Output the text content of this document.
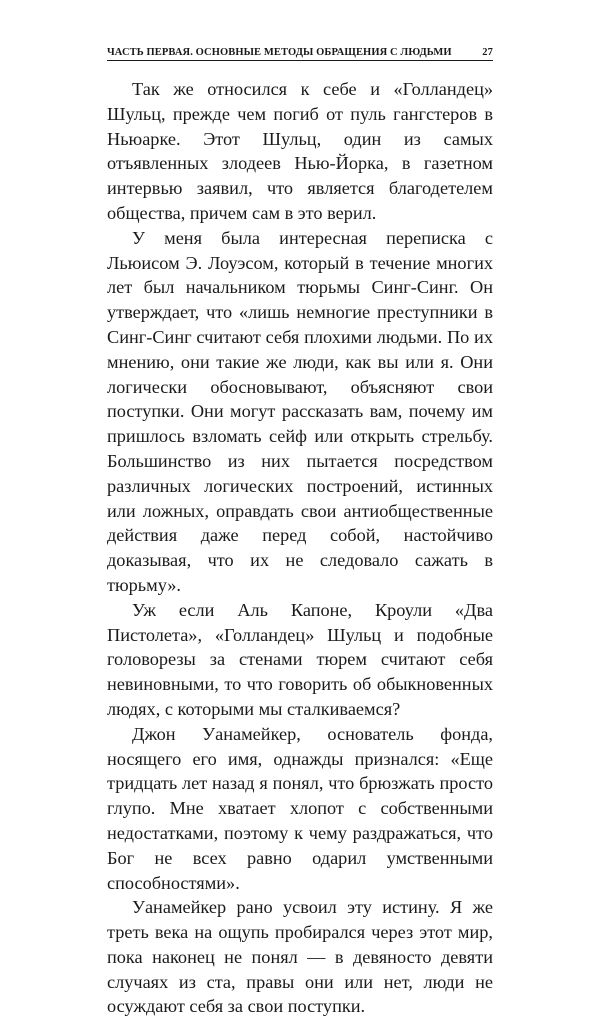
ЧАСТЬ ПЕРВАЯ. ОСНОВНЫЕ МЕТОДЫ ОБРАЩЕНИЯ С ЛЮДЬМИ	27

Так же относился к себе и «Голландец» Шульц, прежде чем погиб от пуль гангстеров в Ньюарке. Этот Шульц, один из самых отъявленных злодеев Нью-Йорка, в газетном интервью заявил, что является благодетелем общества, причем сам в это верил.

У меня была интересная переписка с Льюисом Э. Лоуэсом, который в течение многих лет был начальником тюрьмы Синг-Синг. Он утверждает, что «лишь немногие преступники в Синг-Синг считают себя плохими людьми. По их мнению, они такие же люди, как вы или я. Они логически обосновывают, объясняют свои поступки. Они могут рассказать вам, почему им пришлось взломать сейф или открыть стрельбу. Большинство из них пытается посредством различных логических построений, истинных или ложных, оправдать свои антиобщественные действия даже перед собой, настойчиво доказывая, что их не следовало сажать в тюрьму».

Уж если Аль Капоне, Кроули «Два Пистолета», «Голландец» Шульц и подобные головорезы за стенами тюрем считают себя невиновными, то что говорить об обыкновенных людях, с которыми мы сталкиваемся?

Джон Уанамейкер, основатель фонда, носящего его имя, однажды признался: «Еще тридцать лет назад я понял, что брюзжать просто глупо. Мне хватает хлопот с собственными недостатками, поэтому к чему раздражаться, что Бог не всех равно одарил умственными способностями».

Уанамейкер рано усвоил эту истину. Я же треть века на ощупь пробирался через этот мир, пока наконец не понял — в девяносто девяти случаях из ста, правы они или нет, люди не осуждают себя за свои поступки.
